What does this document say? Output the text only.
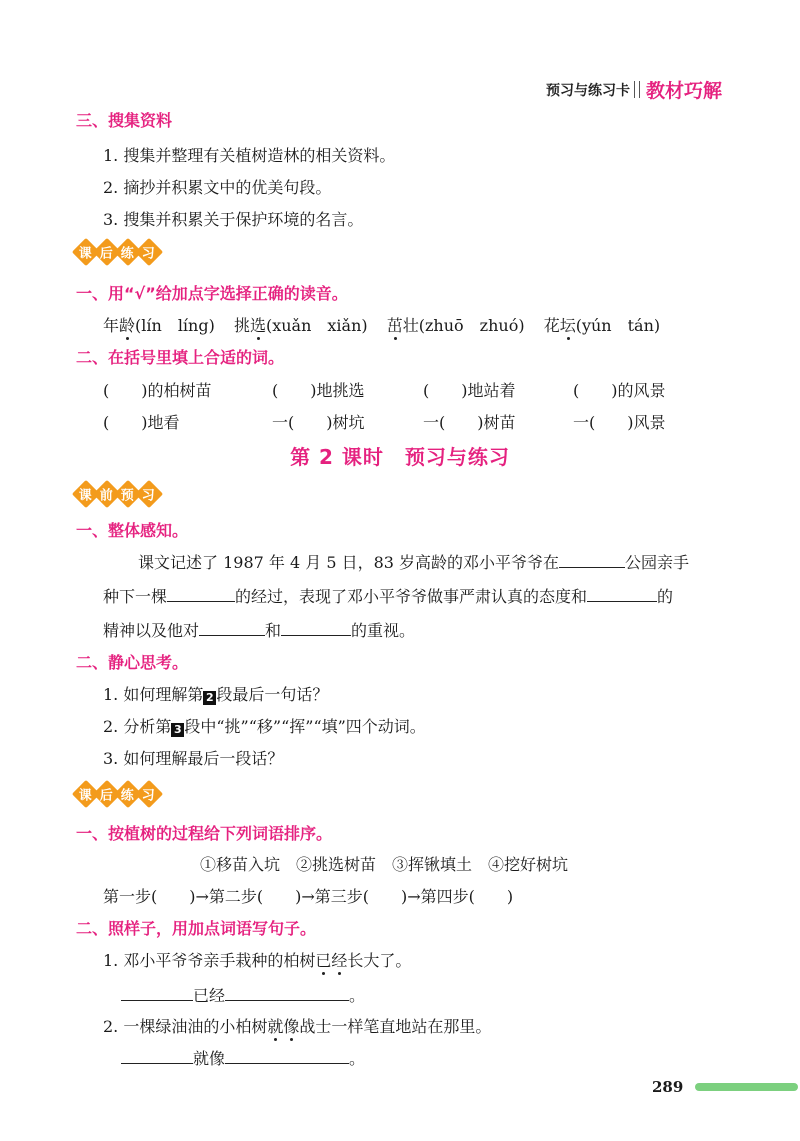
预习与练习卡 教材巧解
三、搜集资料
1. 搜集并整理有关植树造林的相关资料。
2. 摘抄并积累文中的优美句段。
3. 搜集并积累关于保护环境的名言。
课 后 练 习
一、用“√”给加点字选择正确的读音。
年龄(lín　líng) 挑选(xuǎn　xiǎn) 茁壮(zhuō　zhuó) 花坛(yún　tán)
二、在括号里填上合适的词。
(　　)的柏树苗	(　　)地挑选	(　　)地站着	(　　)的风景
(　　)地看	一(　　)树坑	一(　　)树苗	一(　　)风景
第 2 课时　预习与练习
课 前 预 习
一、整体感知。
课文记述了 1987 年 4 月 5 日，83 岁高龄的邓小平爷爷在	公园亲手
种下一棵	的经过，表现了邓小平爷爷做事严肃认真的态度和	的
精神以及他对	和	的重视。
二、静心思考。
1. 如何理解第 2 段最后一句话？
2. 分析第 3 段中“挑”“移”“挥”“填”四个动词。
3. 如何理解最后一段话？
课 后 练 习
一、按植树的过程给下列词语排序。
①移苗入坑　②挑选树苗　③挥锹填土　④挖好树坑
第一步(　　)→第二步(　　)→第三步(　　)→第四步(　　)
二、照样子，用加点词语写句子。
1. 邓小平爷爷亲手栽种的柏树已经长大了。
已经	。
2. 一棵绿油油的小柏树就像战士一样笔直地站在那里。
就像	。
289
